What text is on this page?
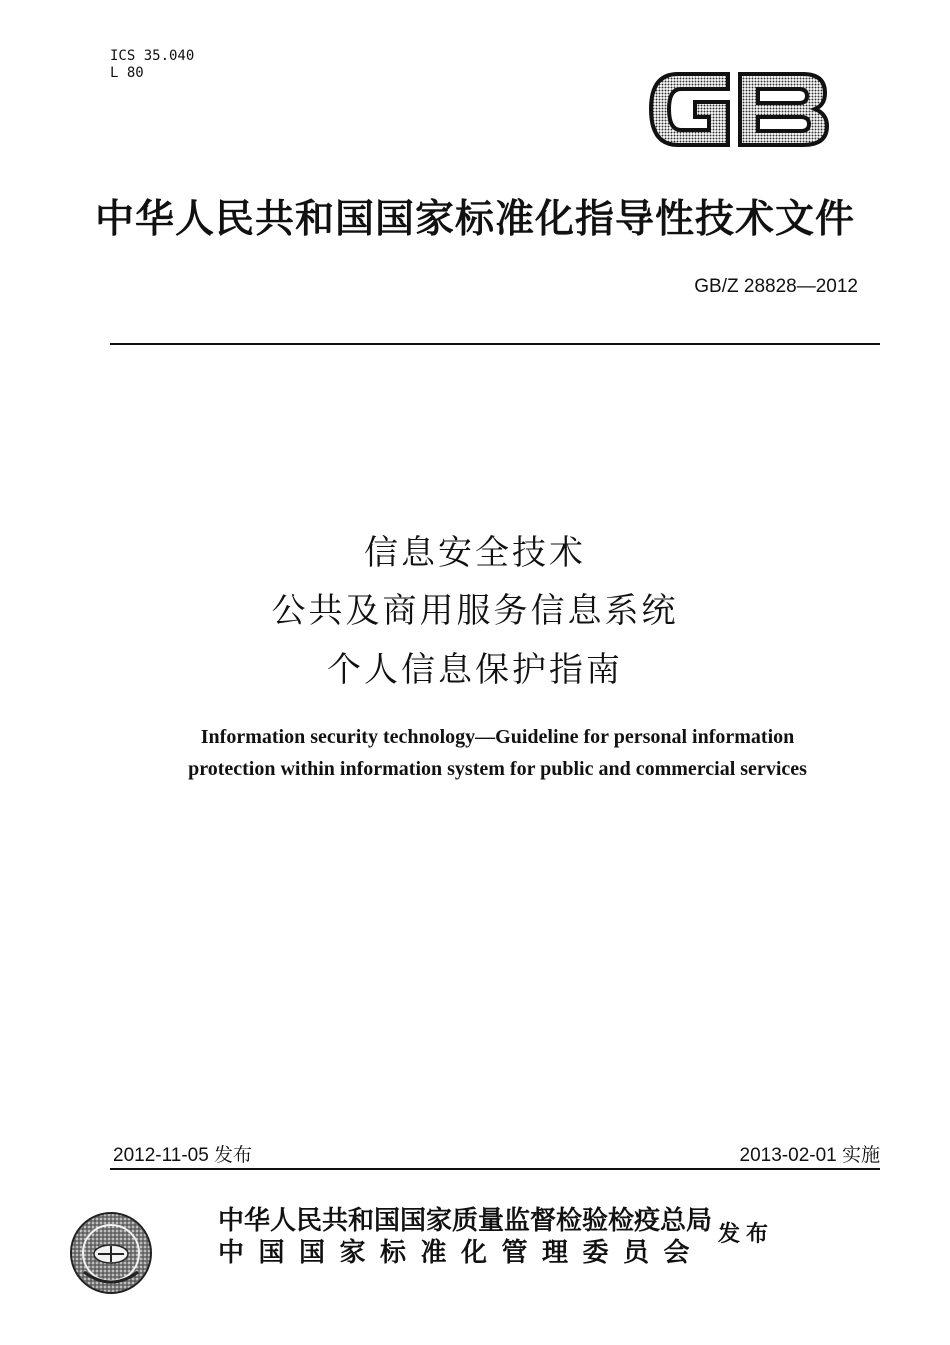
ICS 35.040
L 80
中华人民共和国国家标准化指导性技术文件
GB/Z 28828—2012
信息安全技术
公共及商用服务信息系统
个人信息保护指南
Information security technology—Guideline for personal information
protection within information system for public and commercial services
2012-11-05 发布	2013-02-01 实施
中华人民共和国国家质量监督检验检疫总局
中国国家标准化管理委员会
发布
